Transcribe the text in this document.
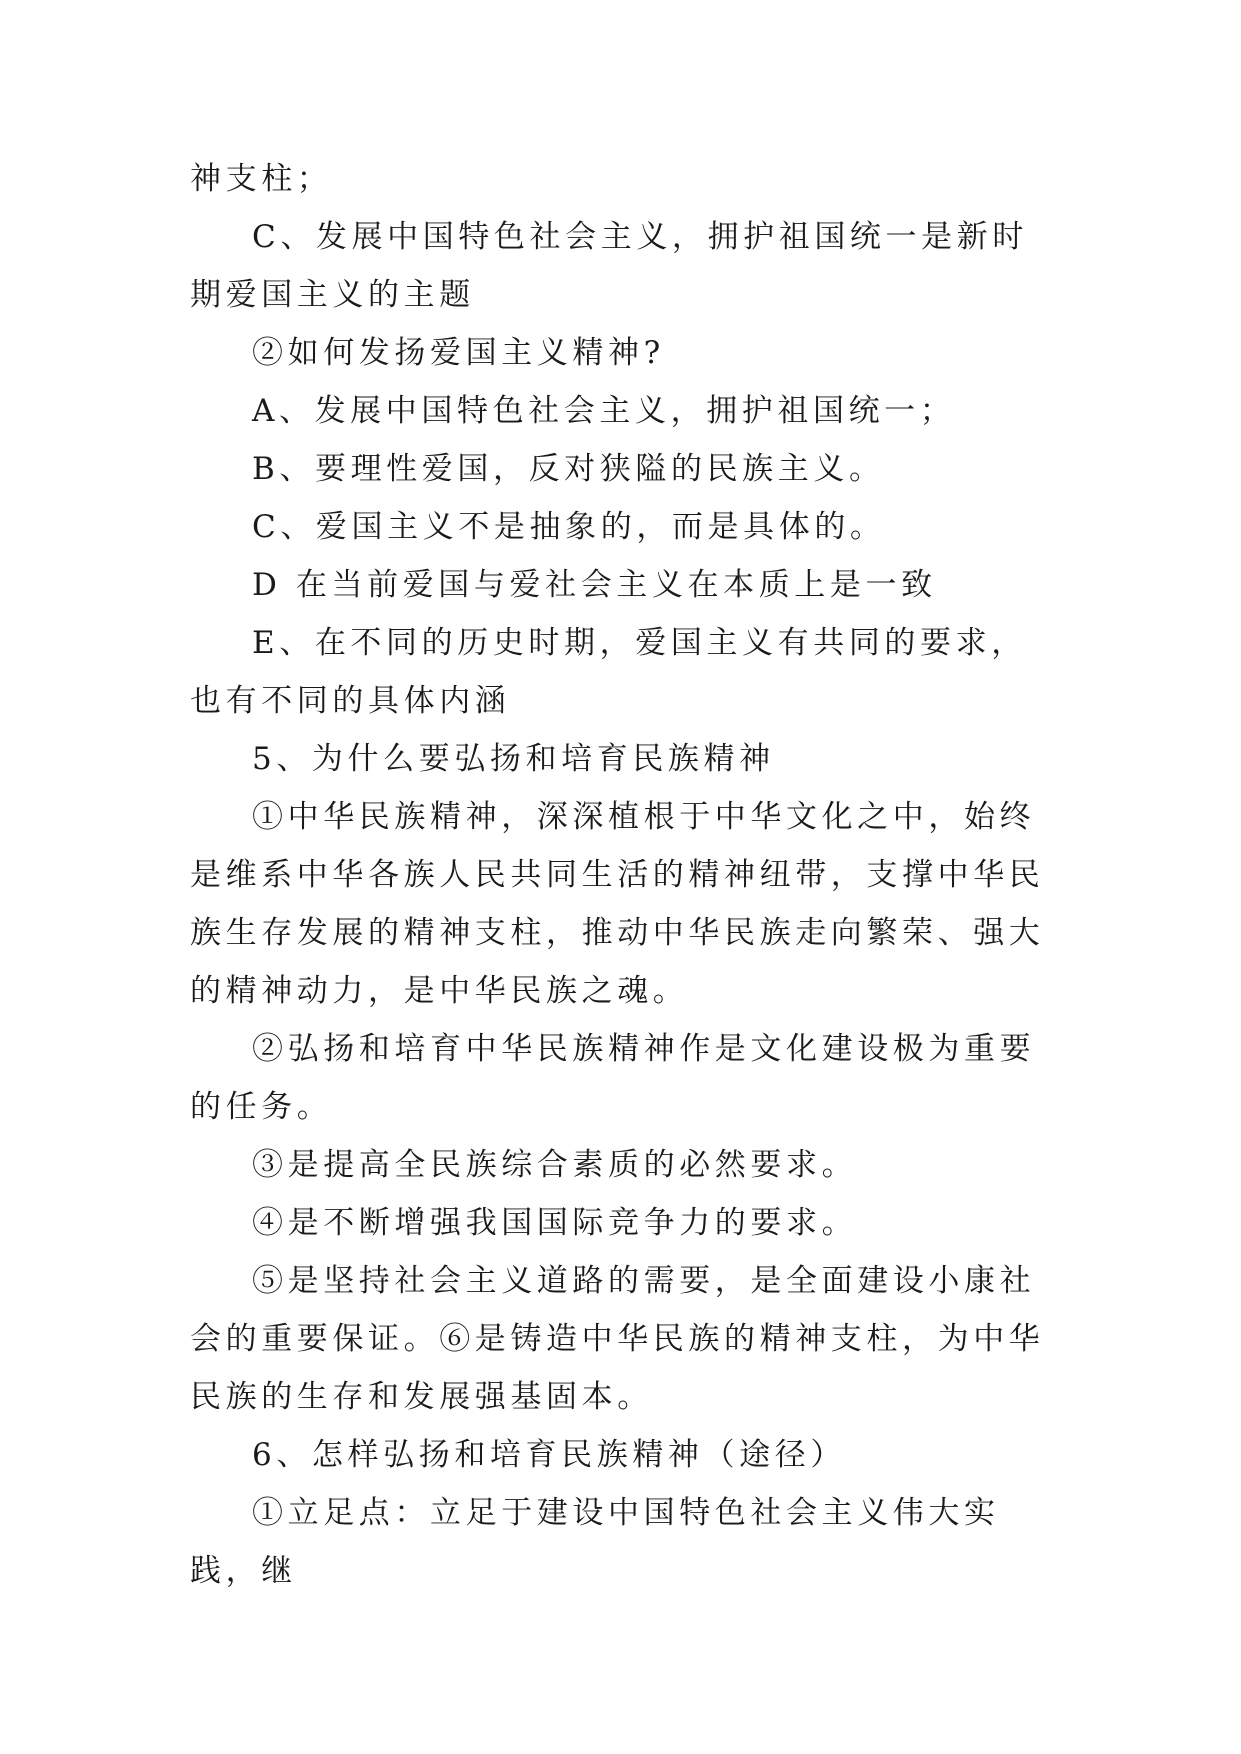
神支柱；

C、发展中国特色社会主义，拥护祖国统一是新时期爱国主义的主题

②如何发扬爱国主义精神?

A、发展中国特色社会主义，拥护祖国统一；

B、要理性爱国，反对狭隘的民族主义。

C、爱国主义不是抽象的，而是具体的。

D 在当前爱国与爱社会主义在本质上是一致

E、在不同的历史时期，爱国主义有共同的要求，也有不同的具体内涵

5、为什么要弘扬和培育民族精神

①中华民族精神，深深植根于中华文化之中，始终是维系中华各族人民共同生活的精神纽带，支撑中华民族生存发展的精神支柱，推动中华民族走向繁荣、强大的精神动力，是中华民族之魂。

②弘扬和培育中华民族精神作是文化建设极为重要的任务。

③是提高全民族综合素质的必然要求。

④是不断增强我国国际竞争力的要求。

⑤是坚持社会主义道路的需要，是全面建设小康社会的重要保证。⑥是铸造中华民族的精神支柱，为中华民族的生存和发展强基固本。

6、怎样弘扬和培育民族精神（途径）

①立足点：立足于建设中国特色社会主义伟大实践，继
